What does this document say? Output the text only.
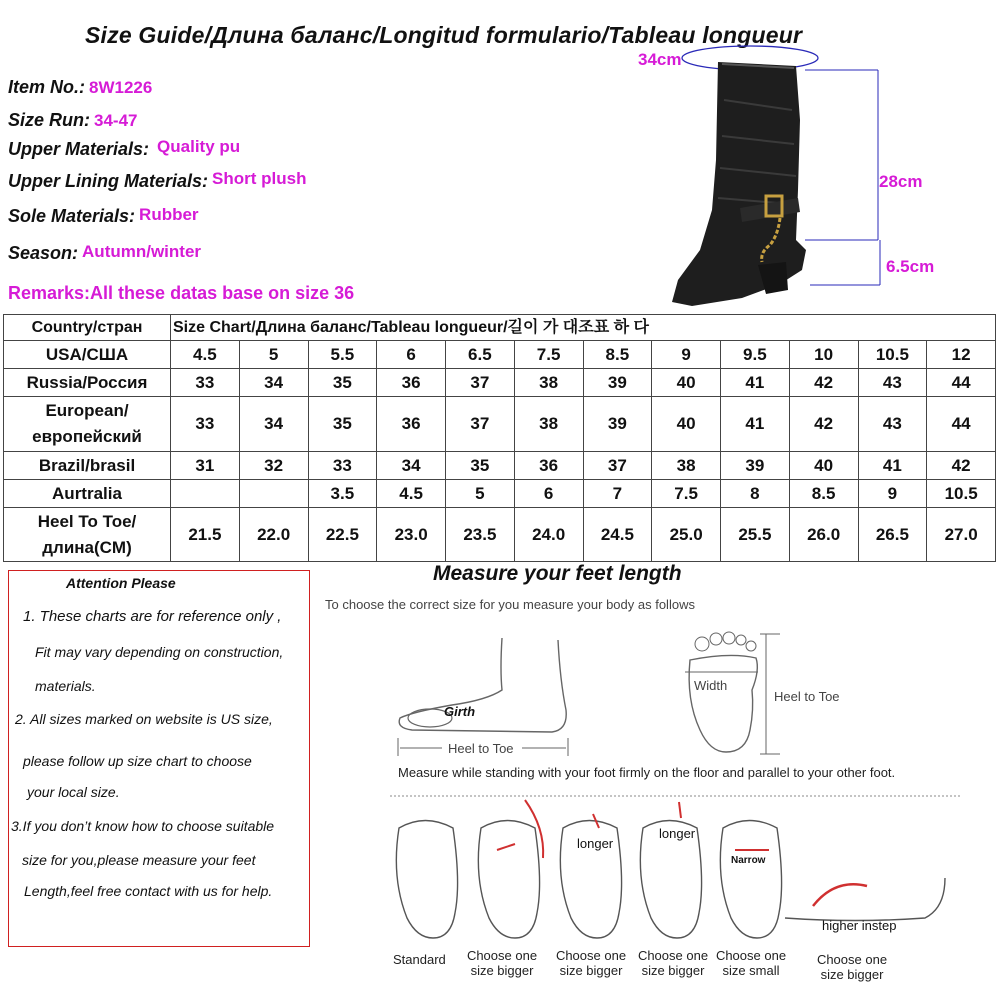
Size Guide/Длина баланс/Longitud formulario/Tableau longueur
Item No.: 8W1226
Size Run: 34-47
Upper Materials: Quality pu
Upper Lining Materials: Short plush
Sole Materials: Rubber
Season: Autumn/winter
Remarks:All these datas base on size 36
34cm
28cm
6.5cm
Country/стран	Size Chart/Длина баланс/Tableau longueur/길이 가 대조표 하 다											
USA/США	4.5	5	5.5	6	6.5	7.5	8.5	9	9.5	10	10.5	12
Russia/Россия	33	34	35	36	37	38	39	40	41	42	43	44
European/европейский	33	34	35	36	37	38	39	40	41	42	43	44
Brazil/brasil	31	32	33	34	35	36	37	38	39	40	41	42
Aurtralia			3.5	4.5	5	6	7	7.5	8	8.5	9	10.5
Heel To Toe/длина(CM)	21.5	22.0	22.5	23.0	23.5	24.0	24.5	25.0	25.5	26.0	26.5	27.0
Attention Please
1. These charts are for reference only ,
Fit may vary depending on construction,
materials.
2. All sizes marked on website is US size,
please follow up size chart to choose
your local size.
3.If you don’t know how to choose suitable
size for you,please measure your feet
Length,feel free contact with us for help.
Measure your feet length
To choose the correct size for you measure your body as follows
Girth
Heel to Toe
Width
Heel to Toe
Measure while standing with your foot firmly on the floor and parallel to your other foot.
longer
longer
Narrow
higher instep
Standard Choose one size bigger
Choose one size bigger
Choose one size bigger
Choose one size small
Choose one size bigger
